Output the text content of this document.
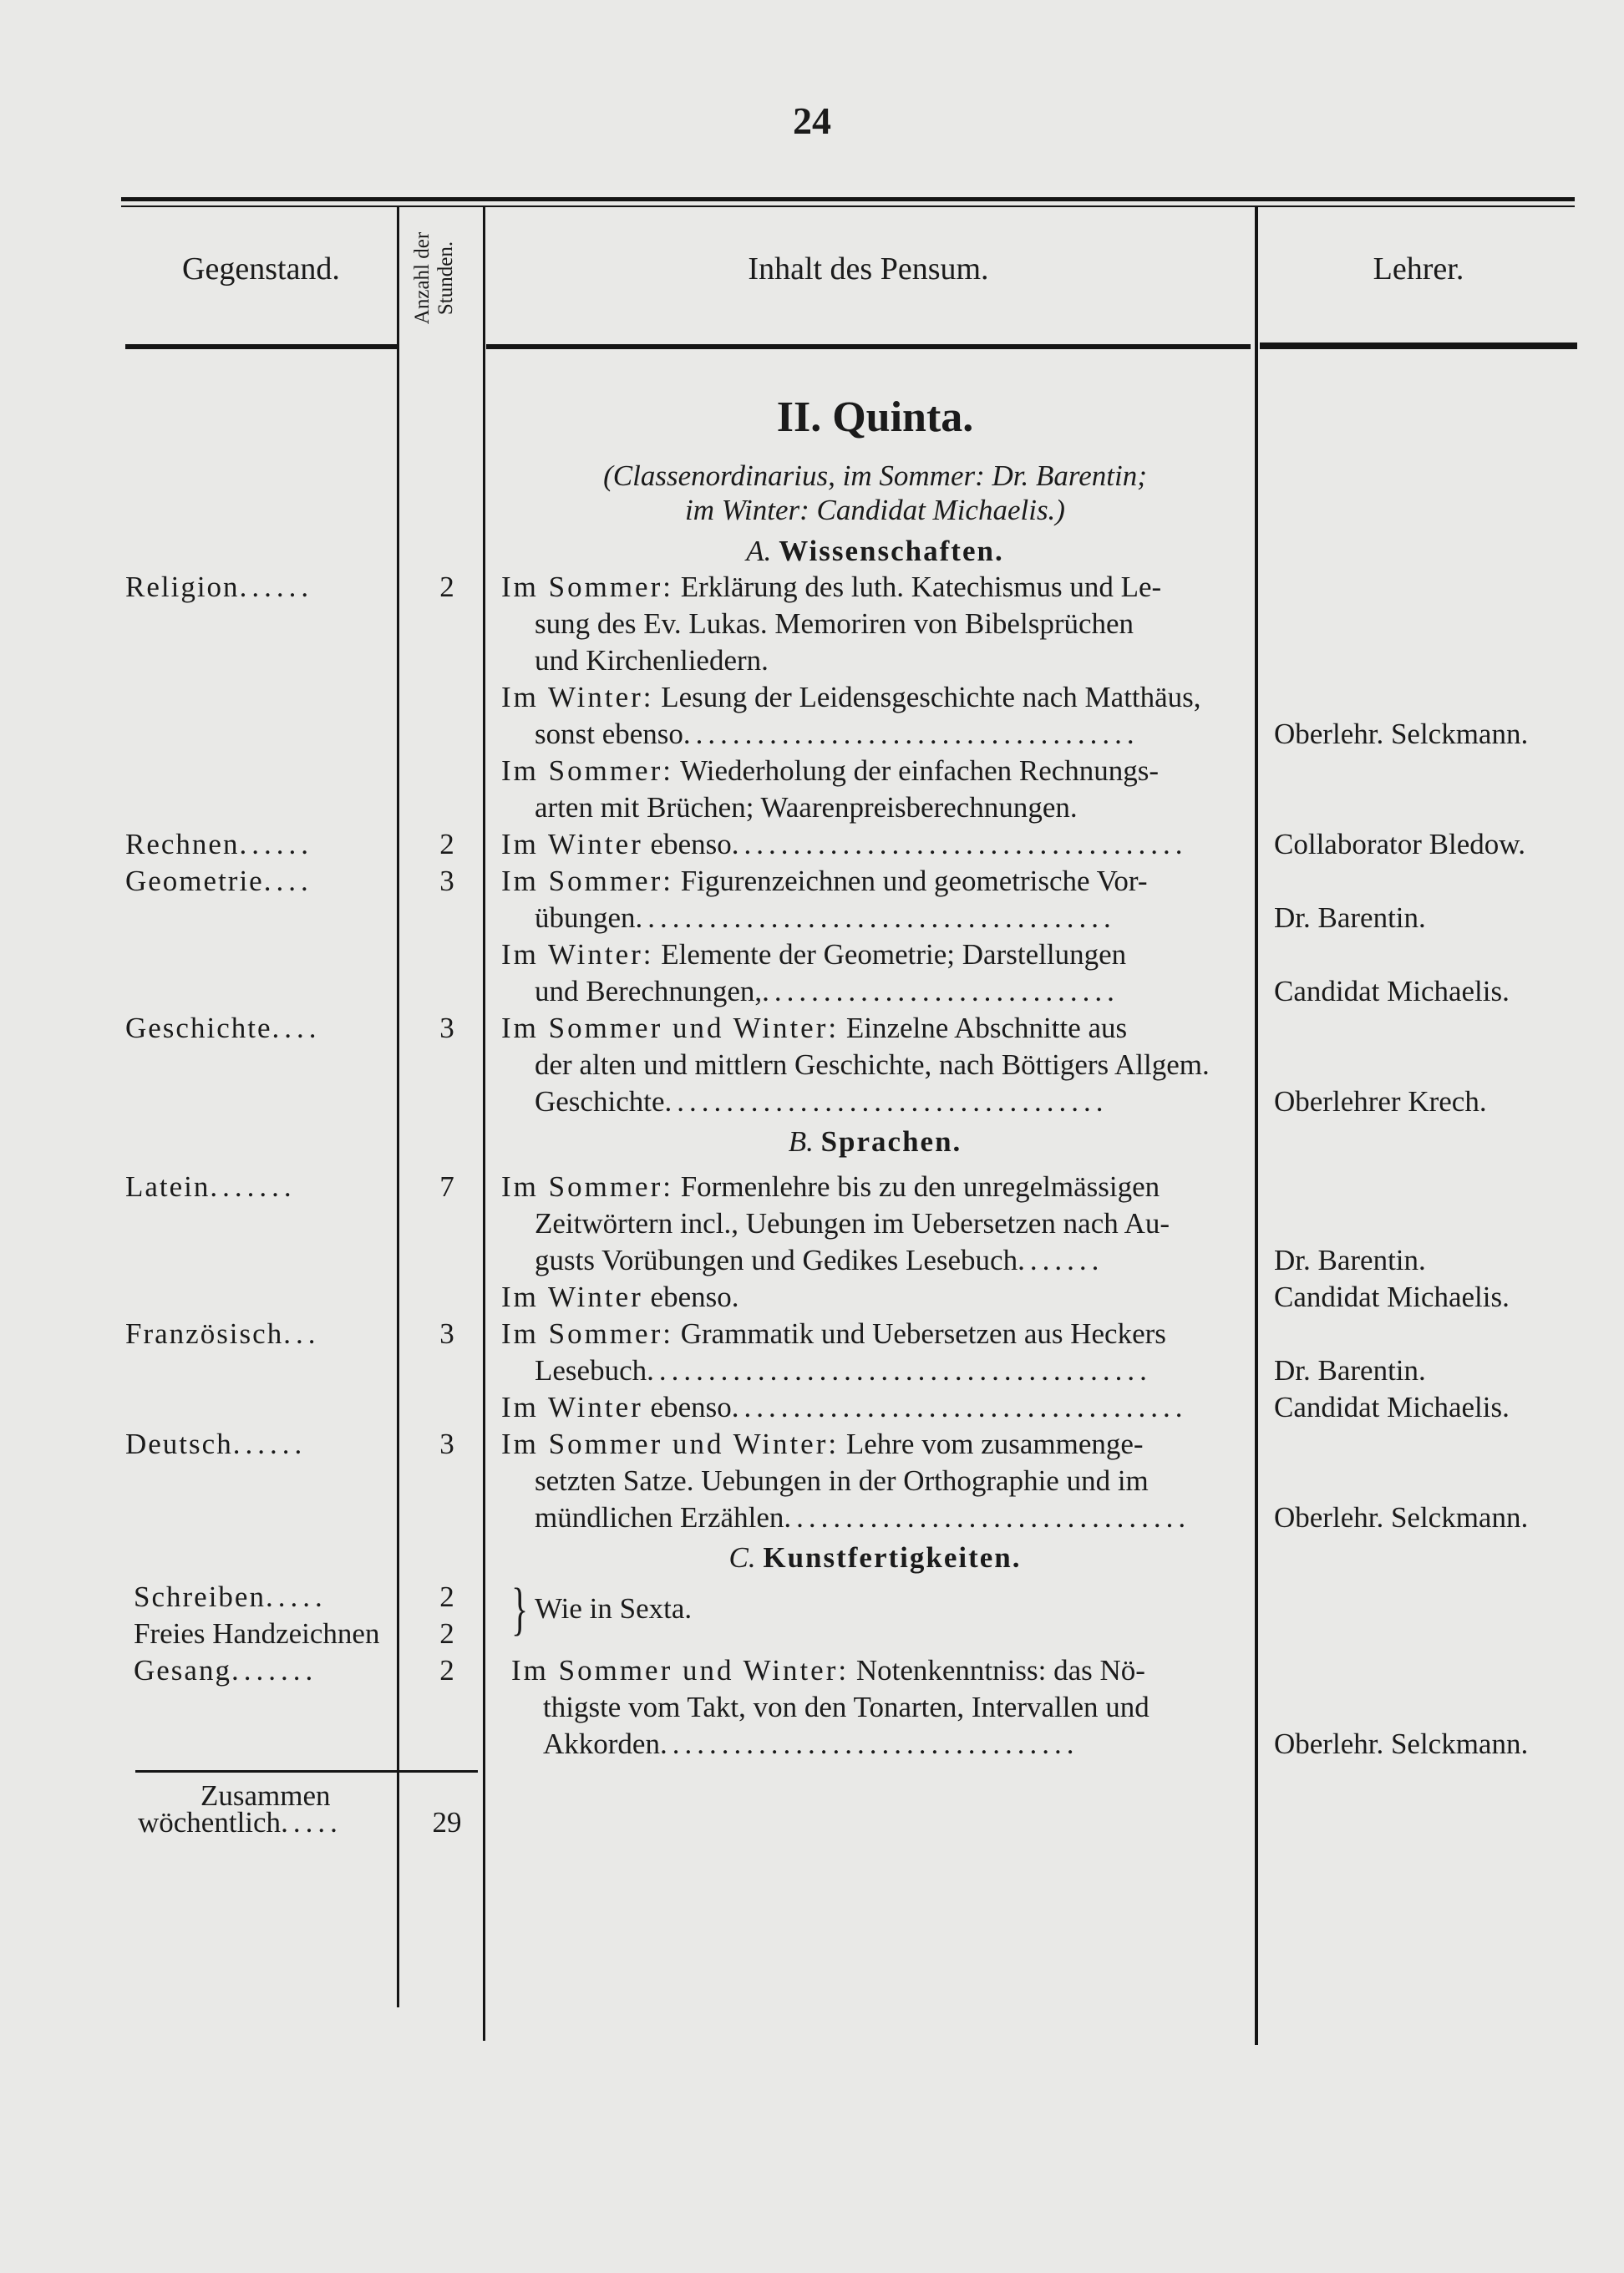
24
Gegenstand.	Anzahl der
Stunden.	Inhalt des Pensum.	Lehrer.
II. Quinta.
(Classenordinarius, im Sommer: Dr. Barentin;
im Winter: Candidat Michaelis.)
A. Wissenschaften.
Religion......	2	Im Sommer: Erklärung des luth. Katechismus und Le-
sung des Ev. Lukas. Memoriren von Bibelsprüchen
und Kirchenliedern.
Im Winter: Lesung der Leidensgeschichte nach Matthäus,
sonst ebenso.....................................	Oberlehr. Selckmann.
Im Sommer: Wiederholung der einfachen Rechnungs-
arten mit Brüchen; Waarenpreisberechnungen.
Rechnen......	2	Im Winter ebenso.....................................	Collaborator Bledow.
Geometrie....	3	Im Sommer: Figurenzeichnen und geometrische Vor-
übungen.......................................	Dr. Barentin.
Im Winter: Elemente der Geometrie; Darstellungen
und Berechnungen,.............................	Candidat Michaelis.
Geschichte....	3	Im Sommer und Winter: Einzelne Abschnitte aus
der alten und mittlern Geschichte, nach Böttigers Allgem.
Geschichte....................................	Oberlehrer Krech.
B. Sprachen.
Latein.......	7	Im Sommer: Formenlehre bis zu den unregelmässigen
Zeitwörtern incl., Uebungen im Uebersetzen nach Au-
gusts Vorübungen und Gedikes Lesebuch.......	Dr. Barentin.
Im Winter ebenso.	Candidat Michaelis.
Französisch...	3	Im Sommer: Grammatik und Uebersetzen aus Heckers
Lesebuch.........................................	Dr. Barentin.
Im Winter ebenso.....................................	Candidat Michaelis.
Deutsch......	3	Im Sommer und Winter: Lehre vom zusammenge-
setzten Satze. Uebungen in der Orthographie und im
mündlichen Erzählen.................................	Oberlehr. Selckmann.
C. Kunstfertigkeiten.
Schreiben.....	2 } Wie in Sexta.
Freies Handzeichnen	2
Gesang.......	2	Im Sommer und Winter: Notenkenntniss: das Nö-
thigste vom Takt, von den Tonarten, Intervallen und
Akkorden..................................	Oberlehr. Selckmann.
Zusammen
wöchentlich.....	29
